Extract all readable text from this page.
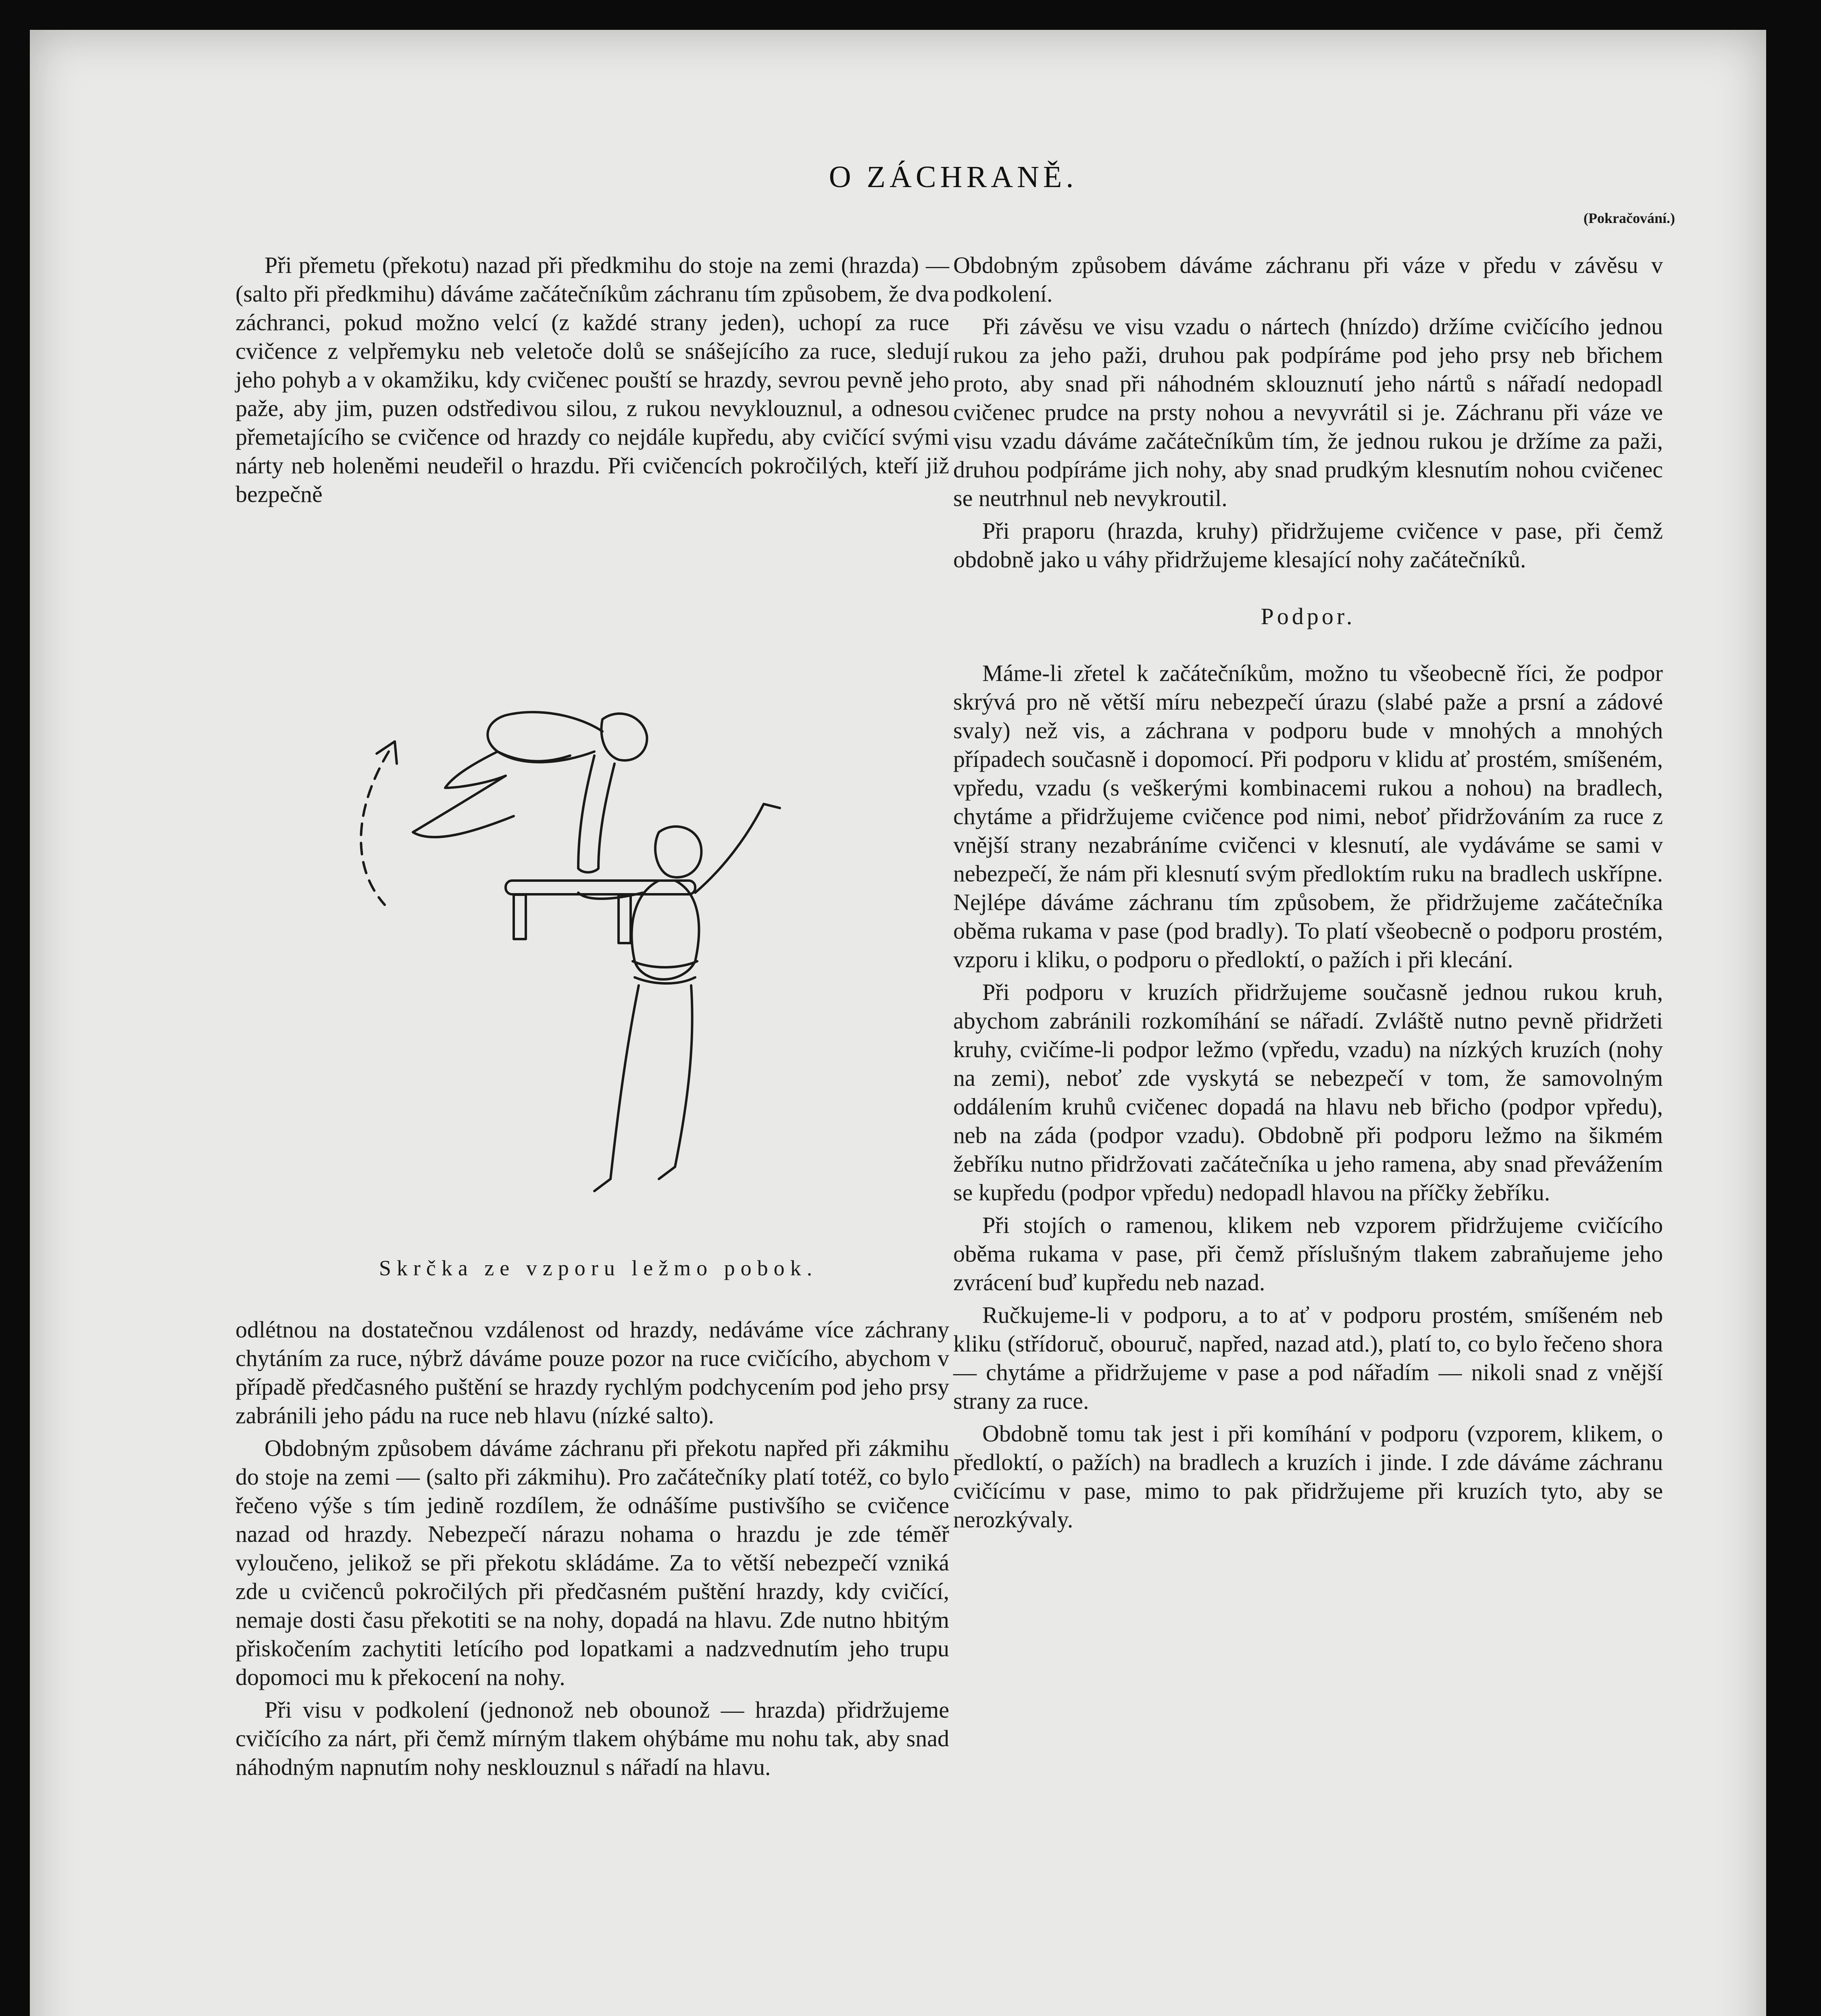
O ZÁCHRANĚ.
(Pokračování.)

Při přemetu (překotu) nazad při předkmihu do stoje na zemi (hrazda) — (salto při předkmihu) dáváme začátečníkům záchranu tím způsobem, že dva záchranci, pokud možno velcí (z každé strany jeden), uchopí za ruce cvičence z velpřemyku neb veletoče dolů se snášejícího za ruce, sledují jeho pohyb a v okamžiku, kdy cvičenec pouští se hrazdy, sevrou pevně jeho paže, aby jim, puzen odstředivou silou, z rukou nevyklouznul, a odnesou přemetajícího se cvičence od hrazdy co nejdále kupředu, aby cvičící svými nárty neb holeněmi neudeřil o hrazdu. Při cvičencích pokročilých, kteří již bezpečně

Skrčka ze vzporu ležmo pobok.

odlétnou na dostatečnou vzdálenost od hrazdy, nedáváme více záchrany chytáním za ruce, nýbrž dáváme pouze pozor na ruce cvičícího, abychom v případě předčasného puštění se hrazdy rychlým podchycením pod jeho prsy zabránili jeho pádu na ruce neb hlavu (nízké salto).

Obdobným způsobem dáváme záchranu při překotu napřed při zákmihu do stoje na zemi — (salto při zákmihu). Pro začátečníky platí totéž, co bylo řečeno výše s tím jedině rozdílem, že odnášíme pustivšího se cvičence nazad od hrazdy. Nebezpečí nárazu nohama o hrazdu je zde téměř vyloučeno, jelikož se při překotu skládáme. Za to větší nebezpečí vzniká zde u cvičenců pokročilých při předčasném puštění hrazdy, kdy cvičící, nemaje dosti času překotiti se na nohy, dopadá na hlavu. Zde nutno hbitým přiskočením zachytiti letícího pod lopatkami a nadzvednutím jeho trupu dopomoci mu k překocení na nohy.

Při visu v podkolení (jednonož neb obounož — hrazda) přidržujeme cvičícího za nárt, při čemž mírným tlakem ohýbáme mu nohu tak, aby snad náhodným napnutím nohy nesklouznul s nářadí na hlavu.

Obdobným způsobem dáváme záchranu při váze v předu v závěsu v podkolení.

Při závěsu ve visu vzadu o nártech (hnízdo) držíme cvičícího jednou rukou za jeho paži, druhou pak podpíráme pod jeho prsy neb břichem proto, aby snad při náhodném sklouznutí jeho nártů s nářadí nedopadl cvičenec prudce na prsty nohou a nevyvrátil si je. Záchranu při váze ve visu vzadu dáváme začátečníkům tím, že jednou rukou je držíme za paži, druhou podpíráme jich nohy, aby snad prudkým klesnutím nohou cvičenec se neutrhnul neb nevykroutil.

Při praporu (hrazda, kruhy) přidržujeme cvičence v pase, při čemž obdobně jako u váhy přidržujeme klesající nohy začátečníků.

Podpor.

Máme-li zřetel k začátečníkům, možno tu všeobecně říci, že podpor skrývá pro ně větší míru nebezpečí úrazu (slabé paže a prsní a zádové svaly) než vis, a záchrana v podporu bude v mnohých a mnohých případech současně i dopomocí. Při podporu v klidu ať prostém, smíšeném, vpředu, vzadu (s veškerými kombinacemi rukou a nohou) na bradlech, chytáme a přidržujeme cvičence pod nimi, neboť přidržováním za ruce z vnější strany nezabráníme cvičenci v klesnutí, ale vydáváme se sami v nebezpečí, že nám při klesnutí svým předloktím ruku na bradlech uskřípne. Nejlépe dáváme záchranu tím způsobem, že přidržujeme začátečníka oběma rukama v pase (pod bradly). To platí všeobecně o podporu prostém, vzporu i kliku, o podporu o předloktí, o pažích i při klecání.

Při podporu v kruzích přidržujeme současně jednou rukou kruh, abychom zabránili rozkomíhání se nářadí. Zvláště nutno pevně přidržeti kruhy, cvičíme-li podpor ležmo (vpředu, vzadu) na nízkých kruzích (nohy na zemi), neboť zde vyskytá se nebezpečí v tom, že samovolným oddálením kruhů cvičenec dopadá na hlavu neb břicho (podpor vpředu), neb na záda (podpor vzadu). Obdobně při podporu ležmo na šikmém žebříku nutno přidržovati začátečníka u jeho ramena, aby snad převážením se kupředu (podpor vpředu) nedopadl hlavou na příčky žebříku.

Při stojích o ramenou, klikem neb vzporem přidržujeme cvičícího oběma rukama v pase, při čemž příslušným tlakem zabraňujeme jeho zvrácení buď kupředu neb nazad.

Ručkujeme-li v podporu, a to ať v podporu prostém, smíšeném neb kliku (střídoruč, obouruč, napřed, nazad atd.), platí to, co bylo řečeno shora — chytáme a přidržujeme v pase a pod nářadím — nikoli snad z vnější strany za ruce.

Obdobně tomu tak jest i při komíhání v podporu (vzporem, klikem, o předloktí, o pažích) na bradlech a kruzích i jinde. I zde dáváme záchranu cvičícímu v pase, mimo to pak přidržujeme při kruzích tyto, aby se nerozkývaly.
